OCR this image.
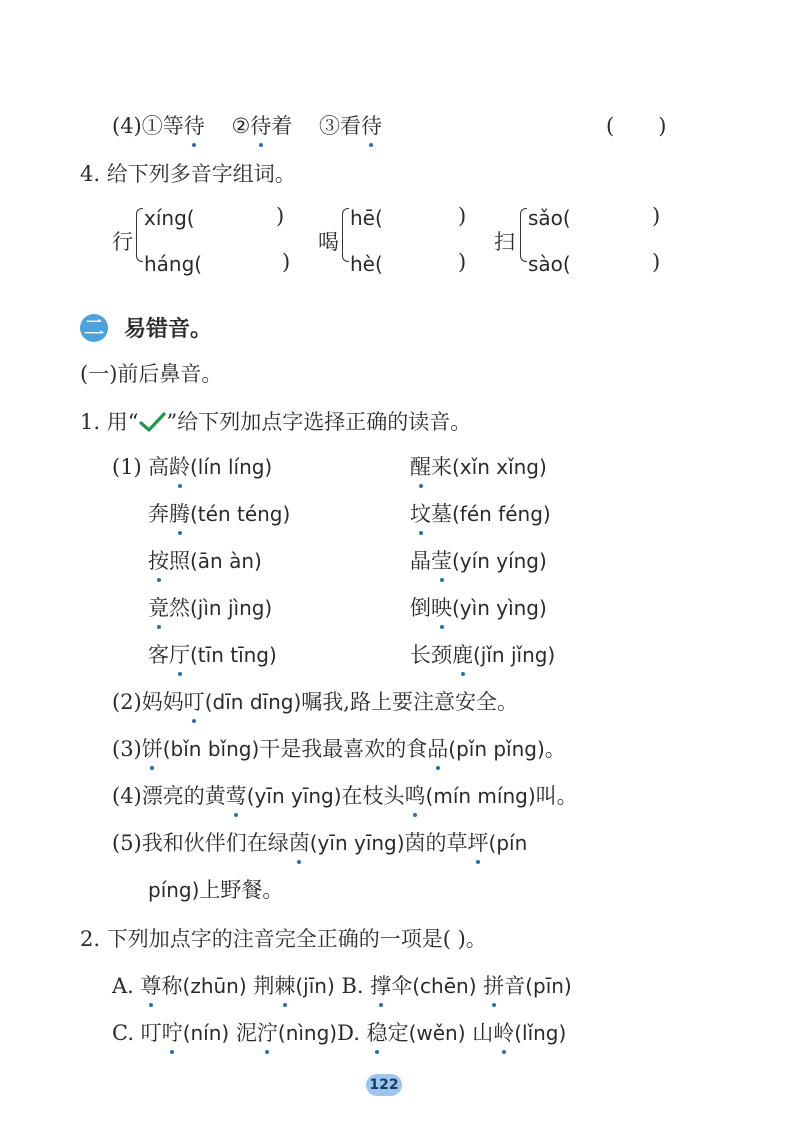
(4)①等待 ②待着 ③看待	( )
4. 给下列多音字组词。
行
xíng(	)
háng(	)
喝
hē(	)
hè(	)
扫
sǎo(	)
sào(	)
二 易错音。
(一)前后鼻音。
1. 用“ ”给下列加点字选择正确的读音。
(1) 高龄(lín líng)	醒来(xǐn xǐng)
奔腾(tén téng)	坟墓(fén féng)
按照(ān àn)	晶莹(yín yíng)
竟然(jìn jìng)	倒映(yìn yìng)
客厅(tīn tīng)	长颈鹿(jǐn jǐng)
(2)妈妈叮(dīn dīng)嘱我,路上要注意安全。
(3)饼(bǐn bǐng)干是我最喜欢的食品(pǐn pǐng)。
(4)漂亮的黄莺(yīn yīng)在枝头鸣(mín míng)叫。
(5)我和伙伴们在绿茵(yīn yīng)茵的草坪(pín
píng)上野餐。
2. 下列加点字的注音完全正确的一项是( )。
A. 尊称(zhūn) 荆棘(jīn) B. 撑伞(chēn) 拼音(pīn)
C. 叮咛(nín) 泥泞(nìng)D. 稳定(wěn) 山岭(lǐng)
122
